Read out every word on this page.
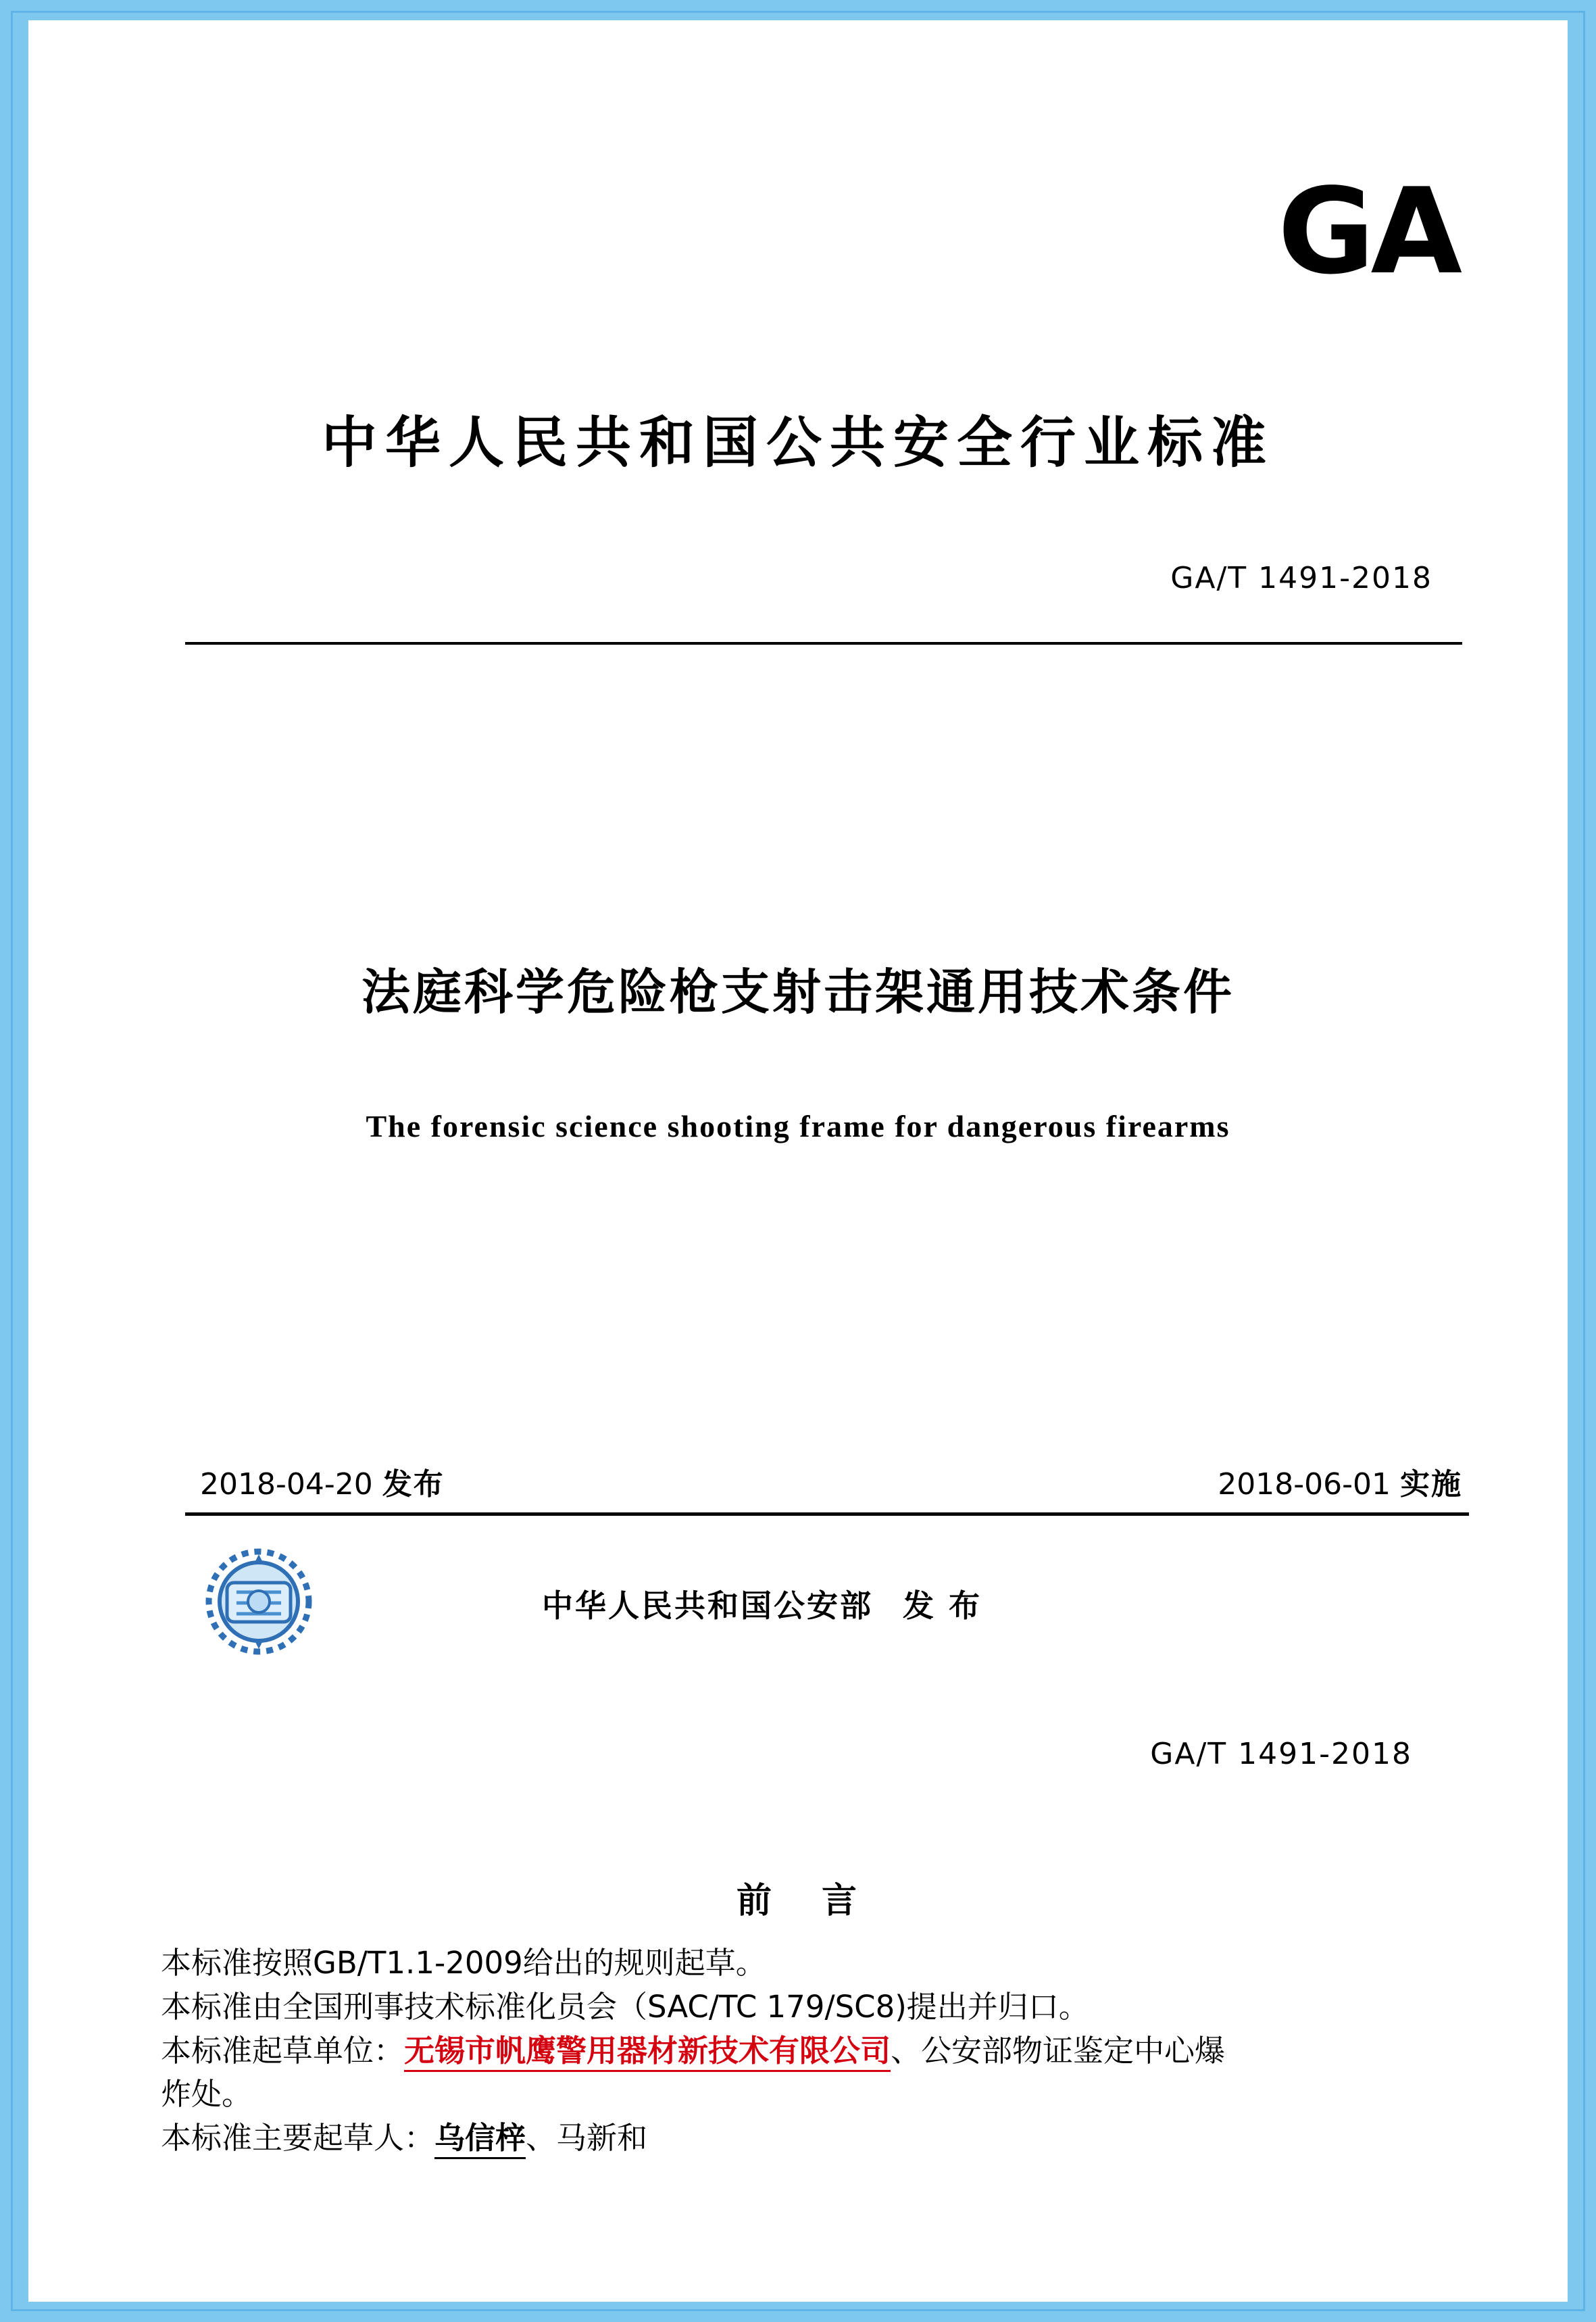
GA
中华人民共和国公共安全行业标准
GA/T 1491-2018
法庭科学危险枪支射击架通用技术条件
The forensic science shooting frame for dangerous firearms
2018-04-20 发布	2018-06-01 实施
中华人民共和国公安部 发 布
GA/T 1491-2018
前 言

本标准按照GB/T1.1-2009给出的规则起草。

本标准由全国刑事技术标准化员会（SAC/TC 179/SC8)提出并归口。

本标准起草单位：无锡市帆鹰警用器材新技术有限公司、公安部物证鉴定中心爆

炸处。

本标准主要起草人：乌信梓、马新和
